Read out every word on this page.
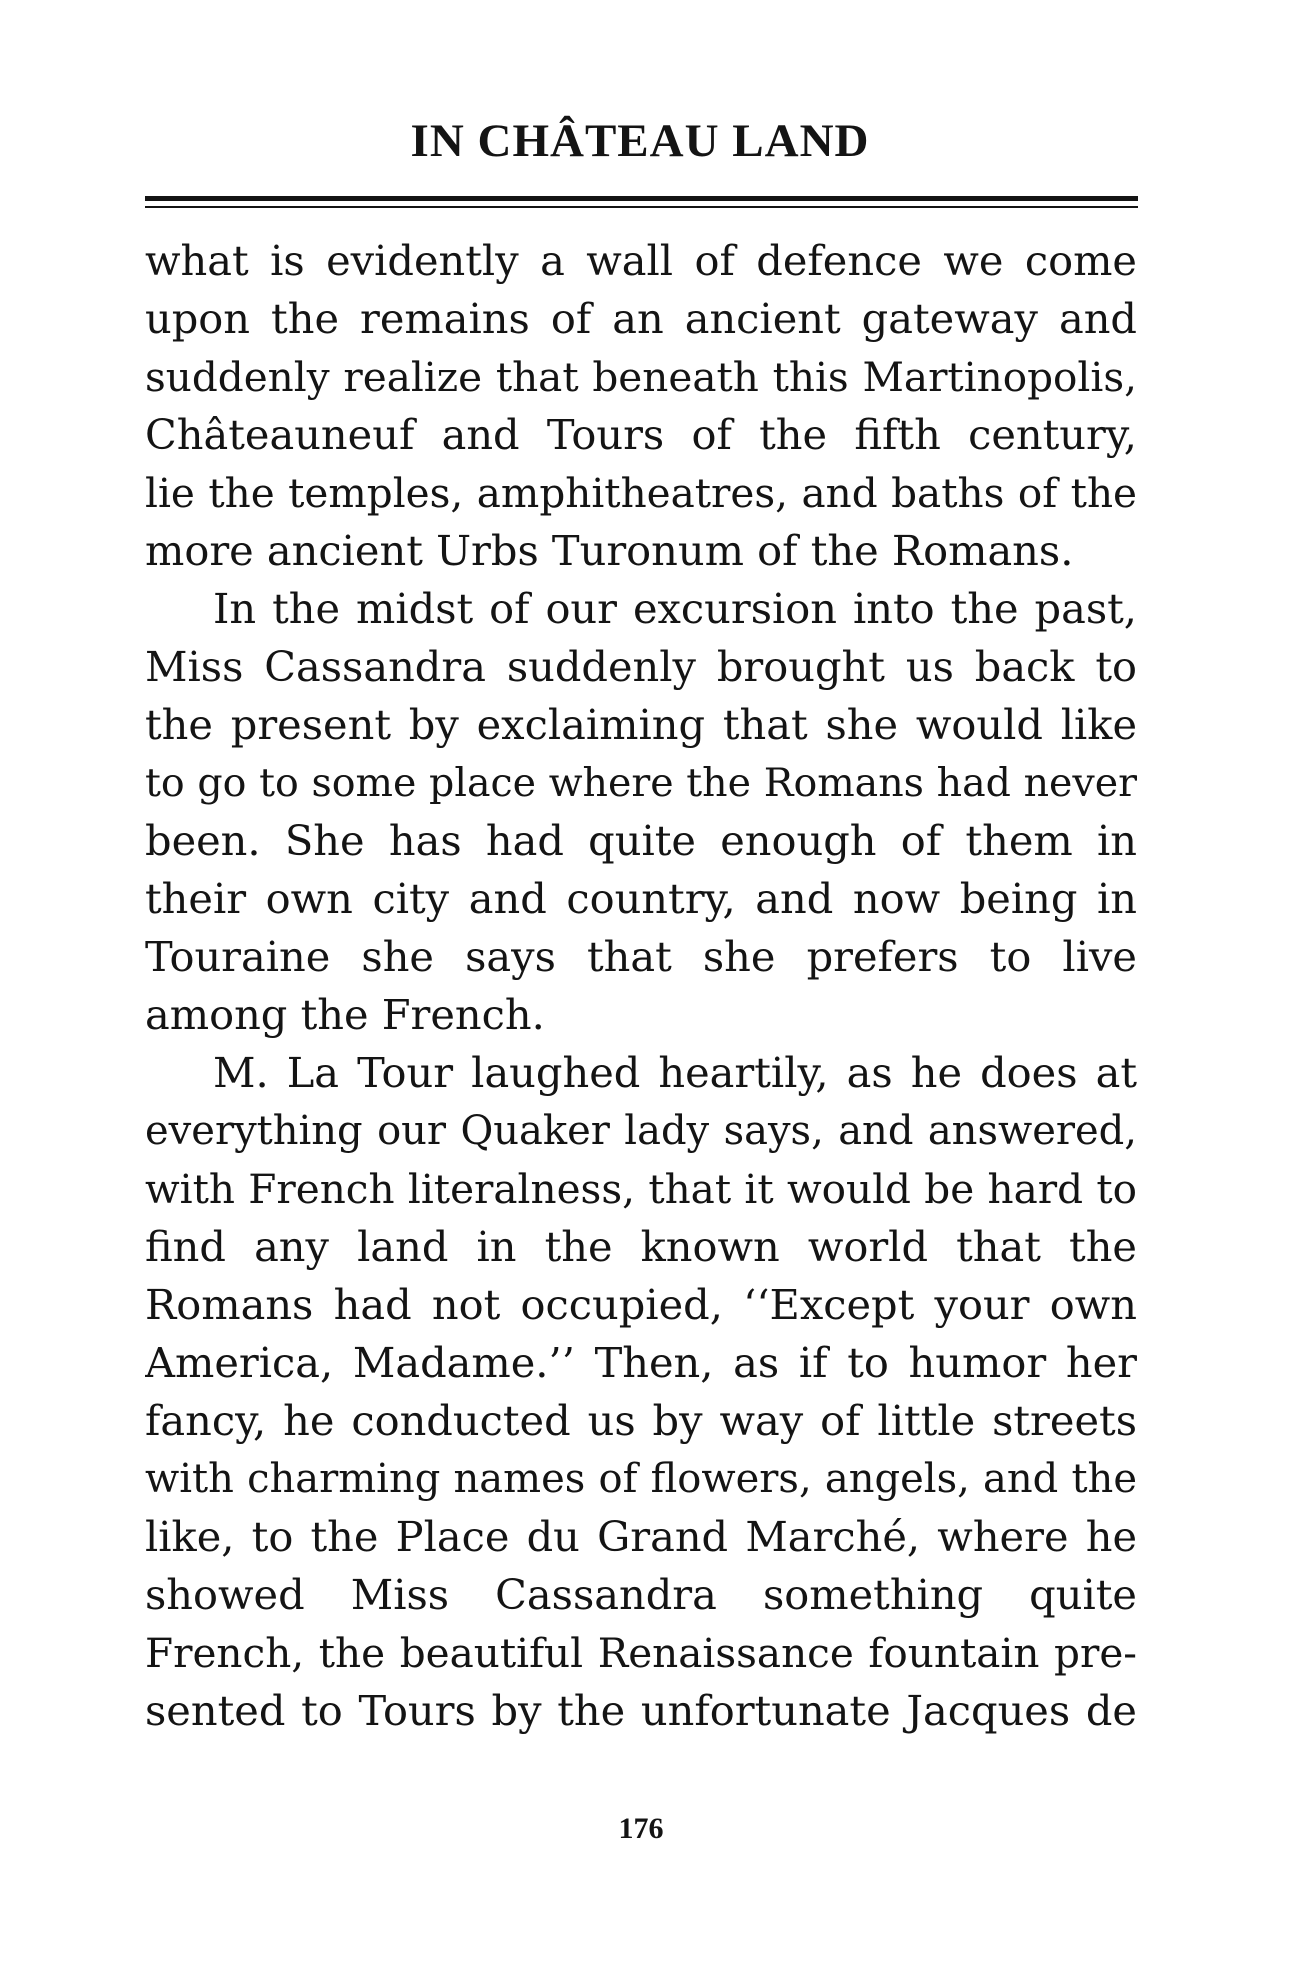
IN CHÂTEAU LAND
what is evidently a wall of defence we come
upon the remains of an ancient gateway and
suddenly realize that beneath this Martinopolis,
Châteauneuf and Tours of the fifth century,
lie the temples, amphitheatres, and baths of the
more ancient Urbs Turonum of the Romans.
In the midst of our excursion into the past,
Miss Cassandra suddenly brought us back to
the present by exclaiming that she would like
to go to some place where the Romans had never
been. She has had quite enough of them in
their own city and country, and now being in
Touraine she says that she prefers to live
among the French.
M. La Tour laughed heartily, as he does at
everything our Quaker lady says, and answered,
with French literalness, that it would be hard to
find any land in the known world that the
Romans had not occupied, ‘‘Except your own
America, Madame.’’ Then, as if to humor her
fancy, he conducted us by way of little streets
with charming names of flowers, angels, and the
like, to the Place du Grand Marché, where he
showed Miss Cassandra something quite
French, the beautiful Renaissance fountain pre-
sented to Tours by the unfortunate Jacques de
176
